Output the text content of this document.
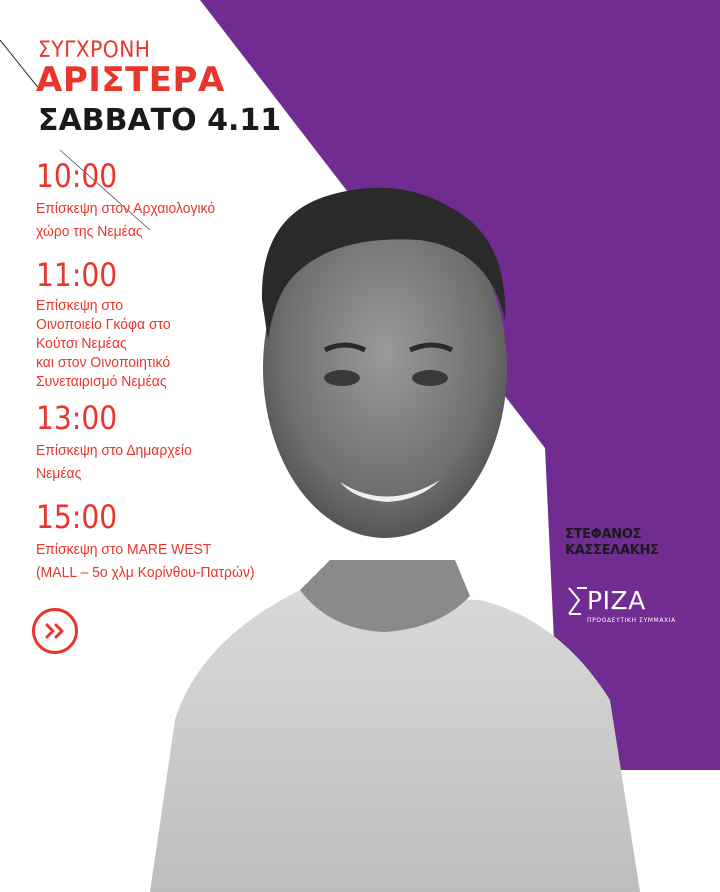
ΣΥΓΧΡΟΝΗ
ΑΡΙΣΤΕΡΑ
ΣΑΒΒΑΤΟ 4.11
10:00
Επίσκεψη στον Αρχαιολογικό
χώρο της Νεμέας
11:00
Επίσκεψη στο
Οινοποιείο Γκόφα στο
Κούτσι Νεμέας
και στον Οινοποιητικό
Συνεταιρισμό Νεμέας
13:00
Επίσκεψη στο Δημαρχείο
Νεμέας
15:00
Επίσκεψη στο MARE WEST
(MALL – 5ο χλμ Κορίνθου-Πατρών)
ΣΤΕΦΑΝΟΣ
ΚΑΣΣΕΛΑΚΗΣ
ΡΙΖΑ
ΠΡΟΟΔΕΥΤΙΚΗ ΣΥΜΜΑΧΙΑ
